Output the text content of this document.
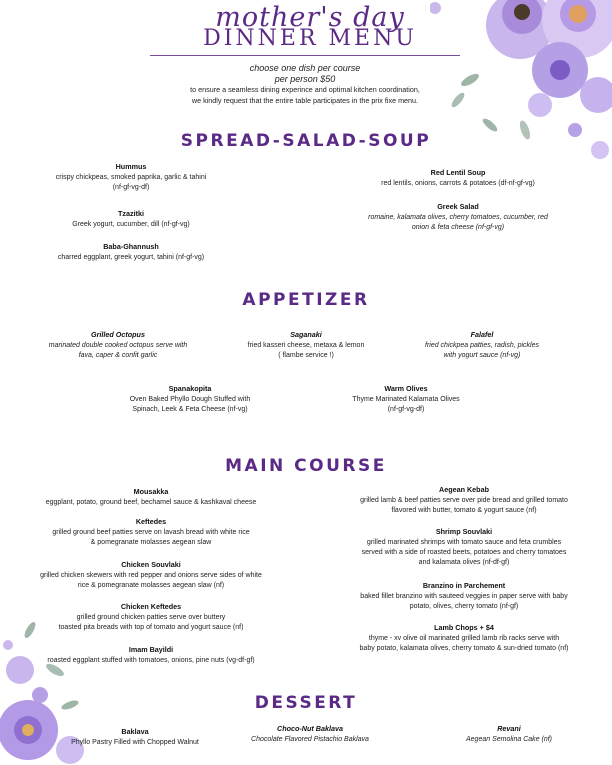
mother's day
DINNER MENU
choose one dish per course
per person $50
to ensure a seamless dining experince and optimal kitchen coordination,
we kindly request that the entire table participates in the prix fixe menu.
SPREAD-SALAD-SOUP
Hummus
crispy chickpeas, smoked paprika, garlic & tahini
(nf-gf-vg-df)
Tzazitki
Greek yogurt, cucumber, dill (nf-gf-vg)
Baba-Ghannush
charred eggplant, greek yogurt, tahini (nf-gf-vg)
Red Lentil Soup
red lentils, onions, carrots & potatoes (df-nf-gf-vg)
Greek Salad
romaine, kalamata olives, cherry tomatoes, cucumber, red
onion & feta cheese (nf-gf-vg)
APPETIZER
Grilled Octopus
marinated double cooked octopus serve with
fava, caper & confit garlic
Saganaki
fried kasseri cheese, metaxa & lemon
( flambe service !)
Falafel
fried chickpea patties, radish, pickles
with yogurt sauce (nf-vg)
Spanakopita
Oven Baked Phyllo Dough Stuffed with
Spinach, Leek & Feta Cheese (nf-vg)
Warm Olives
Thyme Marinated Kalamata Olives
(nf-gf-vg-df)
MAIN COURSE
Mousakka
eggplant, potato, ground beef, bechamel sauce & kashkaval cheese
Keftedes
grilled ground beef patties serve on lavash bread with white rice
& pomegranate molasses aegean slaw
Chicken Souvlaki
grilled chicken skewers with red pepper and onions serve sides of white
rice & pomegranate molasses aegean slaw (nf)
Chicken Keftedes
grilled ground chicken patties serve over buttery
toasted pita breads with top of tomato and yogurt sauce (nf)
Imam Bayildi
roasted eggplant stuffed with tomatoes, onions, pine nuts (vg-df-gf)
Aegean Kebab
grilled lamb & beef patties serve over pide bread and grilled tomato
flavored with butter, tomato & yogurt sauce (nf)
Shrimp Souvlaki
grilled marinated shrimps with tomato sauce and feta crumbles
served with a side of roasted beets, potatoes and cherry tomatoes
and kalamata olives (nf-df-gf)
Branzino in Parchement
baked fillet branzino with sauteed veggies in paper serve with baby
potato, olives, cherry tomato (nf-gf)
Lamb Chops + $4
thyme - xv olive oil marinated grilled lamb rib racks serve with
baby potato, kalamata olives, cherry tomato & sun-dried tomato (nf)
DESSERT
Baklava
Phyllo Pastry Filled with Chopped Walnut
Choco-Nut Baklava
Chocolate Flavored Pistachio Baklava
Revani
Aegean Semolina Cake (nf)
